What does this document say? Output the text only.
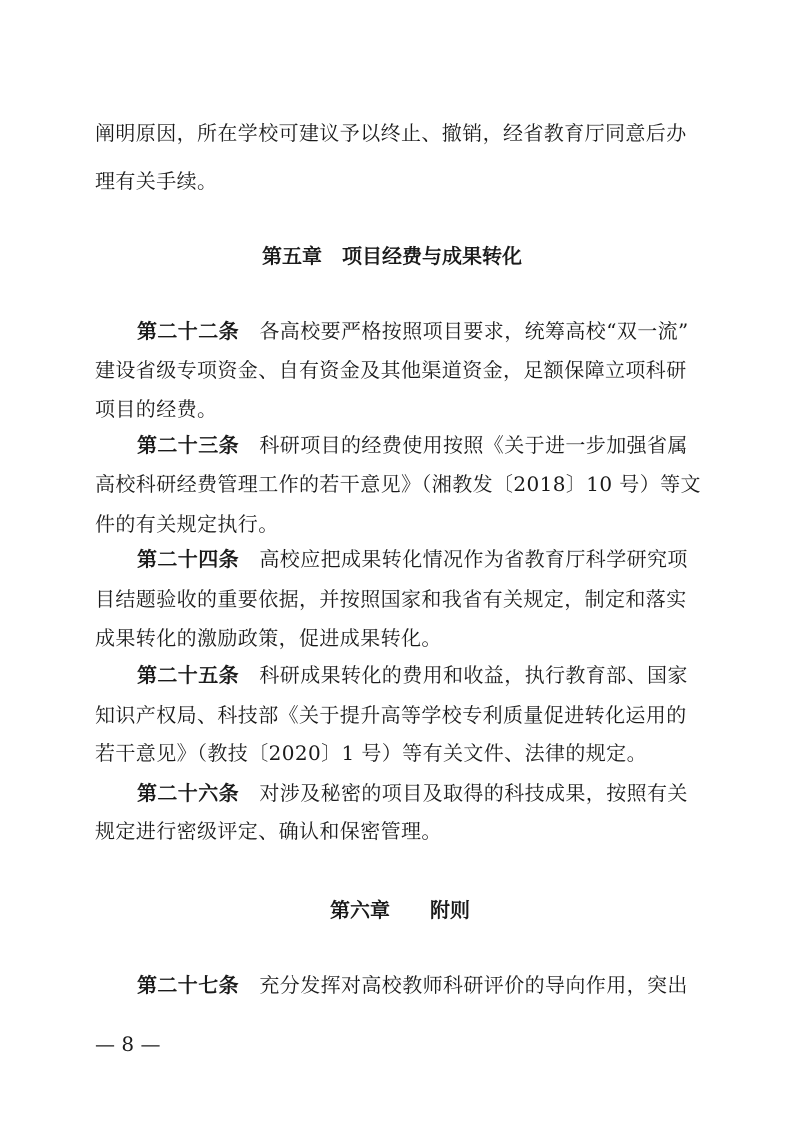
阐明原因，所在学校可建议予以终止、撤销，经省教育厅同意后办
理有关手续。
第五章　项目经费与成果转化
第二十二条　 各高校要严格按照项目要求，统筹高校“双一流”
建设省级专项资金、自有资金及其他渠道资金，足额保障立项科研
项目的经费。
第二十三条　 科研项目的经费使用按照《关于进一步加强省属
高校科研经费管理工作的若干意见》（湘教发〔2018〕10 号）等文
件的有关规定执行。
第二十四条　 高校应把成果转化情况作为省教育厅科学研究项
目结题验收的重要依据，并按照国家和我省有关规定，制定和落实
成果转化的激励政策，促进成果转化。
第二十五条　 科研成果转化的费用和收益，执行教育部、国家
知识产权局、科技部《关于提升高等学校专利质量促进转化运用的
若干意见》（教技〔2020〕1 号）等有关文件、法律的规定。
第二十六条　 对涉及秘密的项目及取得的科技成果，按照有关
规定进行密级评定、确认和保密管理。
第六章　　附则
第二十七条　 充分发挥对高校教师科研评价的导向作用，突出
— 8 —
